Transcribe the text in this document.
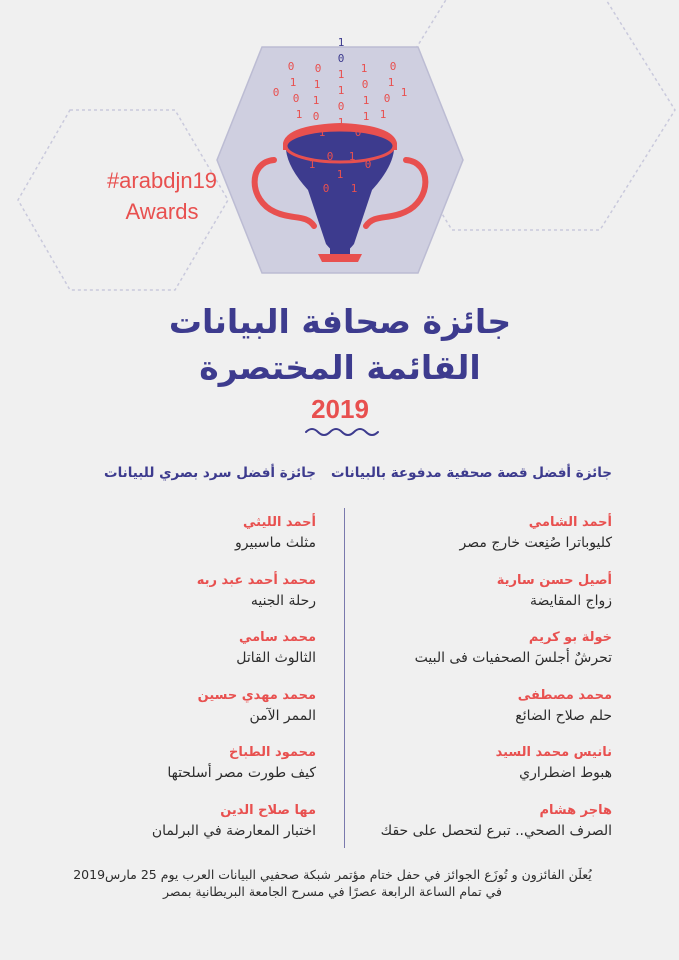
1
0
1
1
0
1
0
1
1
0
1
0
1
1
0
1
0
1
0
1
0
1
0	1
1	0
0 1
1	0
1
0 1
#arabdjn19
Awards
جائزة صحافة البيانات
القائمة المختصرة
2019
جائزة أفضل قصة صحفية مدفوعة بالبيانات
أحمد الشامي
كليوباترا صُنِعت خارج مصر
أصيل حسن سارية
زواج المقايضة
خولة بو كريم
تحرشٌ أجلسَ الصحفيات فى البيت
محمد مصطفى
حلم صلاح الضائع
نانيس محمد السيد
هبوط اضطراري
هاجر هشام
الصرف الصحي.. تبرع لتحصل على حقك
جائزة أفضل سرد بصري للبيانات
أحمد الليثي
مثلث ماسبيرو
محمد أحمد عبد ربه
رحلة الجنيه
محمد سامي
الثالوث القاتل
محمد مهدي حسين
الممر الآمن
محمود الطباخ
كيف طورت مصر أسلحتها
مها صلاح الدين
اختبار المعارضة في البرلمان
يُعلَن الفائزون و تُوزَع الجوائز في حفل ختام مؤتمر شبكة صحفيي البيانات العرب يوم 25 مارس2019
في تمام الساعة الرابعة عصرًا في مسرح الجامعة البريطانية بمصر
